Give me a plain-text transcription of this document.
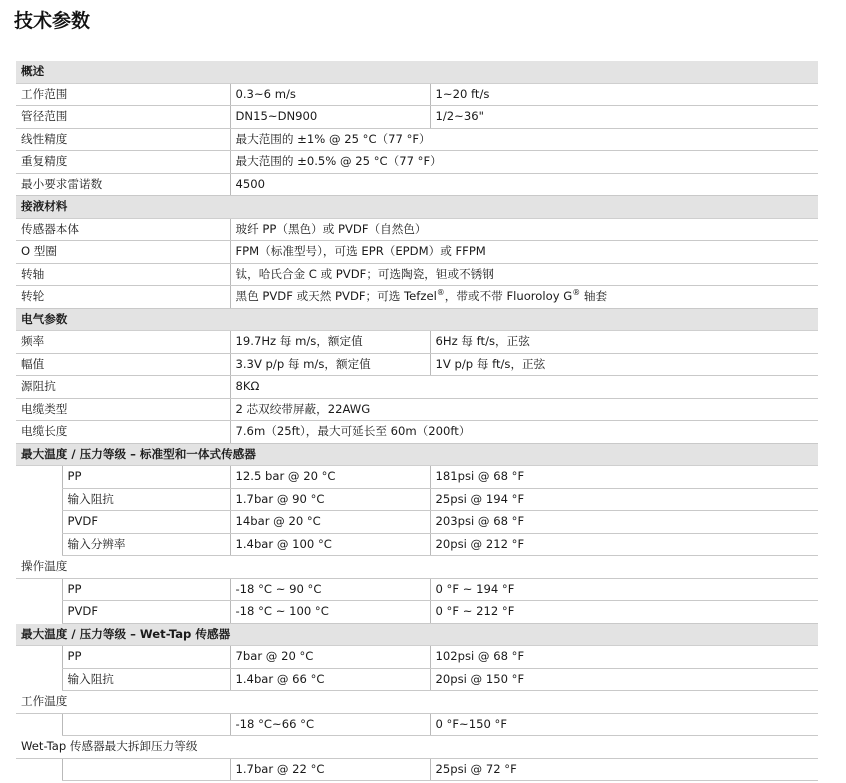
技术参数
概述			
工作范围		0.3~6 m/s	1~20 ft/s
管径范围		DN15~DN900	1/2~36"
线性精度		最大范围的 ±1% @ 25 °C（77 °F）	
重复精度		最大范围的 ±0.5% @ 25 °C（77 °F）	
最小要求雷诺数		4500	
接液材料			
传感器本体		玻纤 PP（黑色）或 PVDF（自然色）	
O 型圈		FPM（标准型号），可选 EPR（EPDM）或 FFPM	
转轴		钛，哈氏合金 C 或 PVDF；可选陶瓷，钽或不锈钢	
转轮		黑色 PVDF 或天然 PVDF；可选 Tefzel®，带或不带 Fluoroloy G® 轴套	
电气参数			
频率		19.7Hz 每 m/s，额定值	6Hz 每 ft/s，正弦
幅值		3.3V p/p 每 m/s，额定值	1V p/p 每 ft/s，正弦
源阻抗		8KΩ	
电缆类型		2 芯双绞带屏蔽，22AWG	
电缆长度		7.6m（25ft），最大可延长至 60m（200ft）	
最大温度 / 压力等级 – 标准型和一体式传感器			
	PP	12.5 bar @ 20 °C	181psi @ 68 °F
	输入阻抗	1.7bar @ 90 °C	25psi @ 194 °F
	PVDF	14bar @ 20 °C	203psi @ 68 °F
	输入分辨率	1.4bar @ 100 °C	20psi @ 212 °F
操作温度			
	PP	-18 °C ~ 90 °C	0 °F ~ 194 °F
	PVDF	-18 °C ~ 100 °C	0 °F ~ 212 °F
最大温度 / 压力等级 – Wet-Tap 传感器			
	PP	7bar @ 20 °C	102psi @ 68 °F
	输入阻抗	1.4bar @ 66 °C	20psi @ 150 °F
工作温度			
		-18 °C~66 °C	0 °F~150 °F
Wet-Tap 传感器最大拆卸压力等级			
		1.7bar @ 22 °C	25psi @ 72 °F
